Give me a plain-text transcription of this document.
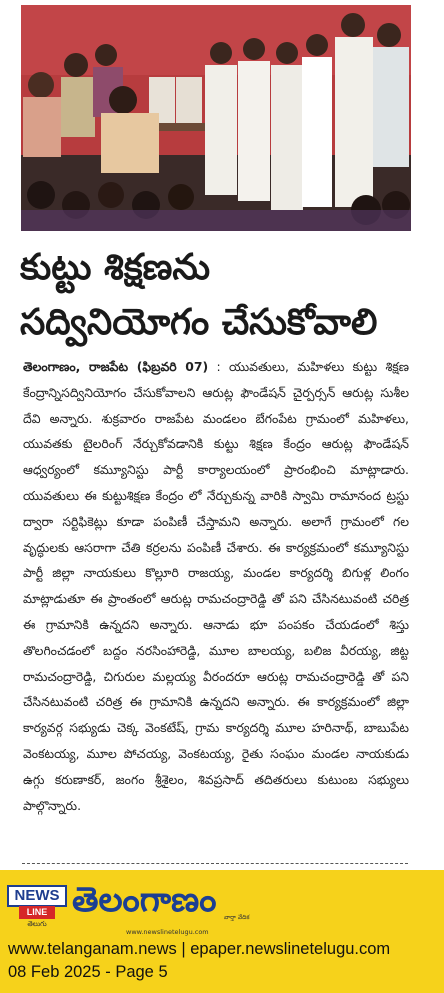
కుట్టు శిక్షణను
సద్వినియోగం చేసుకోవాలి
తెలంగాణం, రాజపేట (ఫిబ్రవరి 07) : యువతులు, మహిళలు కుట్టు శిక్షణ కేంద్రాన్నిసద్వినియోగం చేసుకోవాలని ఆరుట్ల ఫౌండేషన్ చైర్పర్సన్ ఆరుట్ల సుశీల దేవి అన్నారు. శుక్రవారం రాజపేట మండలం బేగంపేట గ్రామంలో మహిళలు, యువతకు టైలరింగ్ నేర్చుకోవడానికి కుట్టు శిక్షణ కేంద్రం ఆరుట్ల ఫౌండేషన్ ఆధ్వర్యంలో కమ్యూనిస్టు పార్టీ కార్యాలయంలో ప్రారంభించి మాట్లాడారు. యువతులు ఈ కుట్టుశిక్షణ కేంద్రం లో నేర్చుకున్న వారికి స్వామి రామానంద ట్రస్టు ద్వారా సర్టిఫికెట్లు కూడా పంపిణీ చేస్తామని అన్నారు. అలాగే గ్రామంలో గల వృద్ధులకు ఆసరాగా చేతి కర్రలను పంపిణీ చేశారు. ఈ కార్యక్రమంలో కమ్యూనిస్టు పార్టీ జిల్లా నాయకులు కొల్లూరి రాజయ్య, మండల కార్యదర్శి బిగుళ్ల లింగం మాట్లాడుతూ ఈ ప్రాంతంలో ఆరుట్ల రామచంద్రారెడ్డి తో పని చేసినటువంటి చరిత్ర ఈ గ్రామానికి ఉన్నదని అన్నారు. ఆనాడు భూ పంపకం చేయడంలో శిస్తు తొలగించడంలో బద్దం నరసింహారెడ్డి, మూల బాలయ్య, బలిజ వీరయ్య, జిట్ట రామచంద్రారెడ్డి, చిగురుల మల్లయ్య వీరందరూ ఆరుట్ల రామచంద్రారెడ్డి తో పని చేసినటువంటి చరిత్ర ఈ గ్రామానికి ఉన్నదని అన్నారు. ఈ కార్యక్రమంలో జిల్లా కార్యవర్గ సభ్యుడు చెక్క వెంకటేష్, గ్రామ కార్యదర్శి మూల హరినాథ్, బాబుపేట వెంకటయ్య, మూల పోచయ్య, వెంకటయ్య, రైతు సంఘం మండల నాయకుడు ఉగ్గు కరుణాకర్, జంగం శ్రీశైలం, శివప్రసాద్ తదితరులు కుటుంబ సభ్యులు పాల్గొన్నారు.
NEWS
LINE
తెలుగు
తెలంగాణం వార్తా వేదిక
www.newslinetelugu.com
www.telanganam.news | epaper.newslinetelugu.com
08 Feb 2025 - Page 5
